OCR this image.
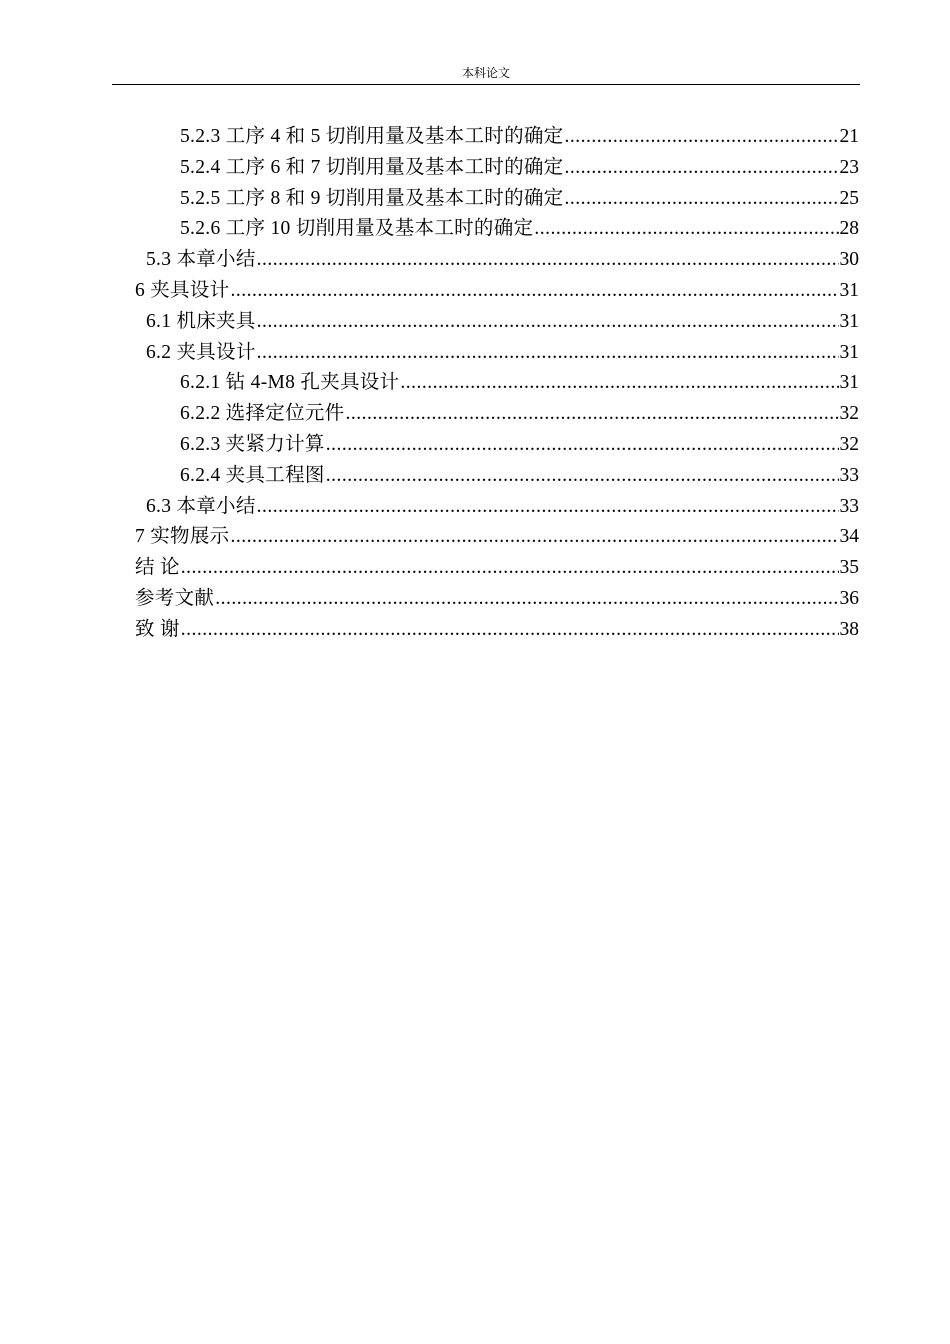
本科论文
5.2.3 工序 4 和 5 切削用量及基本工时的确定 .....	21
5.2.4 工序 6 和 7 切削用量及基本工时的确定 .....	23
5.2.5 工序 8 和 9 切削用量及基本工时的确定 .....	25
5.2.6 工序 10 切削用量及基本工时的确定 .....	28
5.3 本章小结 .....	30
6 夹具设计 .....	31
6.1 机床夹具 .....	31
6.2 夹具设计 .....	31
6.2.1 钻 4-M8 孔夹具设计 .....	31
6.2.2 选择定位元件 .....	32
6.2.3 夹紧力计算 .....	32
6.2.4 夹具工程图 .....	33
6.3 本章小结 .....	33
7 实物展示 .....	34
结 论 .....	35
参考文献 .....	36
致 谢 .....	38
